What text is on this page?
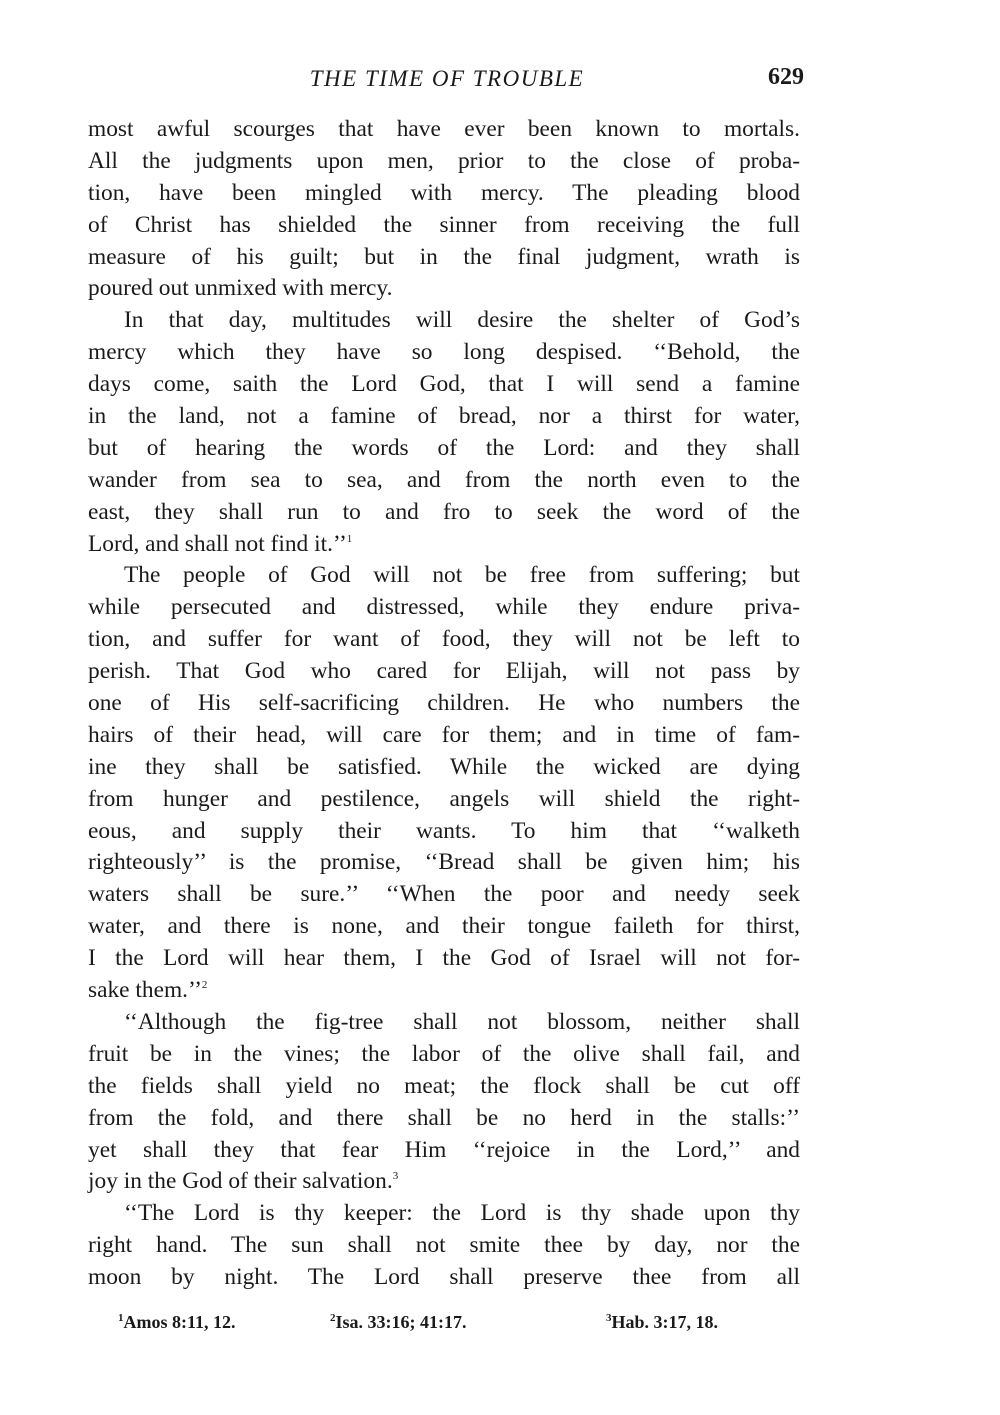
THE TIME OF TROUBLE	629
most awful scourges that have ever been known to mortals.
All the judgments upon men, prior to the close of proba-
tion, have been mingled with mercy. The pleading blood
of Christ has shielded the sinner from receiving the full
measure of his guilt; but in the final judgment, wrath is
poured out unmixed with mercy.
In that day, multitudes will desire the shelter of God’s
mercy which they have so long despised. ‘‘Behold, the
days come, saith the Lord God, that I will send a famine
in the land, not a famine of bread, nor a thirst for water,
but of hearing the words of the Lord: and they shall
wander from sea to sea, and from the north even to the
east, they shall run to and fro to seek the word of the
Lord, and shall not find it.’’$^1$
The people of God will not be free from suffering; but
while persecuted and distressed, while they endure priva-
tion, and suffer for want of food, they will not be left to
perish. That God who cared for Elijah, will not pass by
one of His self-sacrificing children. He who numbers the
hairs of their head, will care for them; and in time of fam-
ine they shall be satisfied. While the wicked are dying
from hunger and pestilence, angels will shield the right-
eous, and supply their wants. To him that ‘‘walketh
righteously’’ is the promise, ‘‘Bread shall be given him; his
waters shall be sure.’’ ‘‘When the poor and needy seek
water, and there is none, and their tongue faileth for thirst,
I the Lord will hear them, I the God of Israel will not for-
sake them.’’$^2$
‘‘Although the fig-tree shall not blossom, neither shall
fruit be in the vines; the labor of the olive shall fail, and
the fields shall yield no meat; the flock shall be cut off
from the fold, and there shall be no herd in the stalls:’’
yet shall they that fear Him ‘‘rejoice in the Lord,’’ and
joy in the God of their salvation.$^3$
‘‘The Lord is thy keeper: the Lord is thy shade upon thy
right hand. The sun shall not smite thee by day, nor the
moon by night. The Lord shall preserve thee from all
$^1$Amos 8:11, 12.	$^2$Isa. 33:16; 41:17.	$^3$Hab. 3:17, 18.
